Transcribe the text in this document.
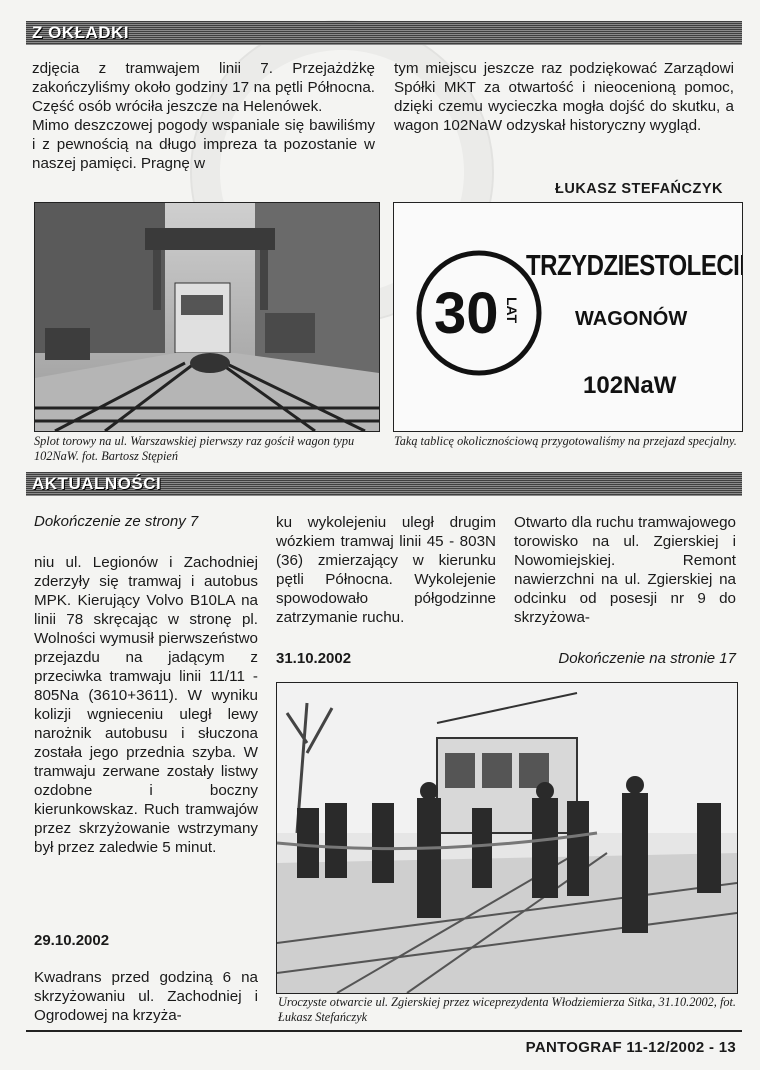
Z OKŁADKI

zdjęcia z tramwajem linii 7. Przejażdżkę zakończyliśmy około godziny 17 na pętli Północna. Część osób wróciła jeszcze na Helenówek.

Mimo deszczowej pogody wspaniale się bawiliśmy i z pewnością na długo impreza ta pozostanie w naszej pamięci. Pragnę w

tym miejscu jeszcze raz podziękować Zarządowi Spółki MKT za otwartość i nieocenioną pomoc, dzięki czemu wycieczka mogła dojść do skutku, a wagon 102NaW odzyskał historyczny wygląd.

ŁUKASZ STEFAŃCZYK
30 LAT
TRZYDZIESTOLECIE
WAGONÓW
102NaW
Splot torowy na ul. Warszawskiej pierwszy raz gościł wagon typu 102NaW. fot. Bartosz Stępień
Taką tablicę okolicznościową przygotowaliśmy na przejazd specjalny.
AKTUALNOŚCI
Dokończenie ze strony 7

niu ul. Legionów i Zachodniej zderzyły się tramwaj i autobus MPK. Kierujący Volvo B10LA na linii 78 skręcając w stronę pl. Wolności wymusił pierwszeństwo przejazdu na jadącym z przeciwka tramwaju linii 11/11 - 805Na (3610+3611). W wyniku kolizji wgnieceniu uległ lewy narożnik autobusu i słuczona została jego przednia szyba. W tramwaju zerwane zostały listwy ozdobne i boczny kierunkowskaz. Ruch tramwajów przez skrzyżowanie wstrzymany był przez zaledwie 5 minut.

29.10.2002

Kwadrans przed godziną 6 na skrzyżowaniu ul. Zachodniej i Ogrodowej na krzyża-

ku wykolejeniu uległ drugim wózkiem tramwaj linii 45 - 803N (36) zmierzający w kierunku pętli Północna. Wykolejenie spowodowało półgodzinne zatrzymanie ruchu.

Otwarto dla ruchu tramwajowego torowisko na ul. Zgierskiej i Nowomiejskiej. Remont nawierzchni na ul. Zgierskiej na odcinku od posesji nr 9 do skrzyżowa-

31.10.2002	Dokończenie na stronie 17
Uroczyste otwarcie ul. Zgierskiej przez wiceprezydenta Włodziemierza Sitka, 31.10.2002, fot. Łukasz Stefańczyk
PANTOGRAF 11-12/2002 - 13
